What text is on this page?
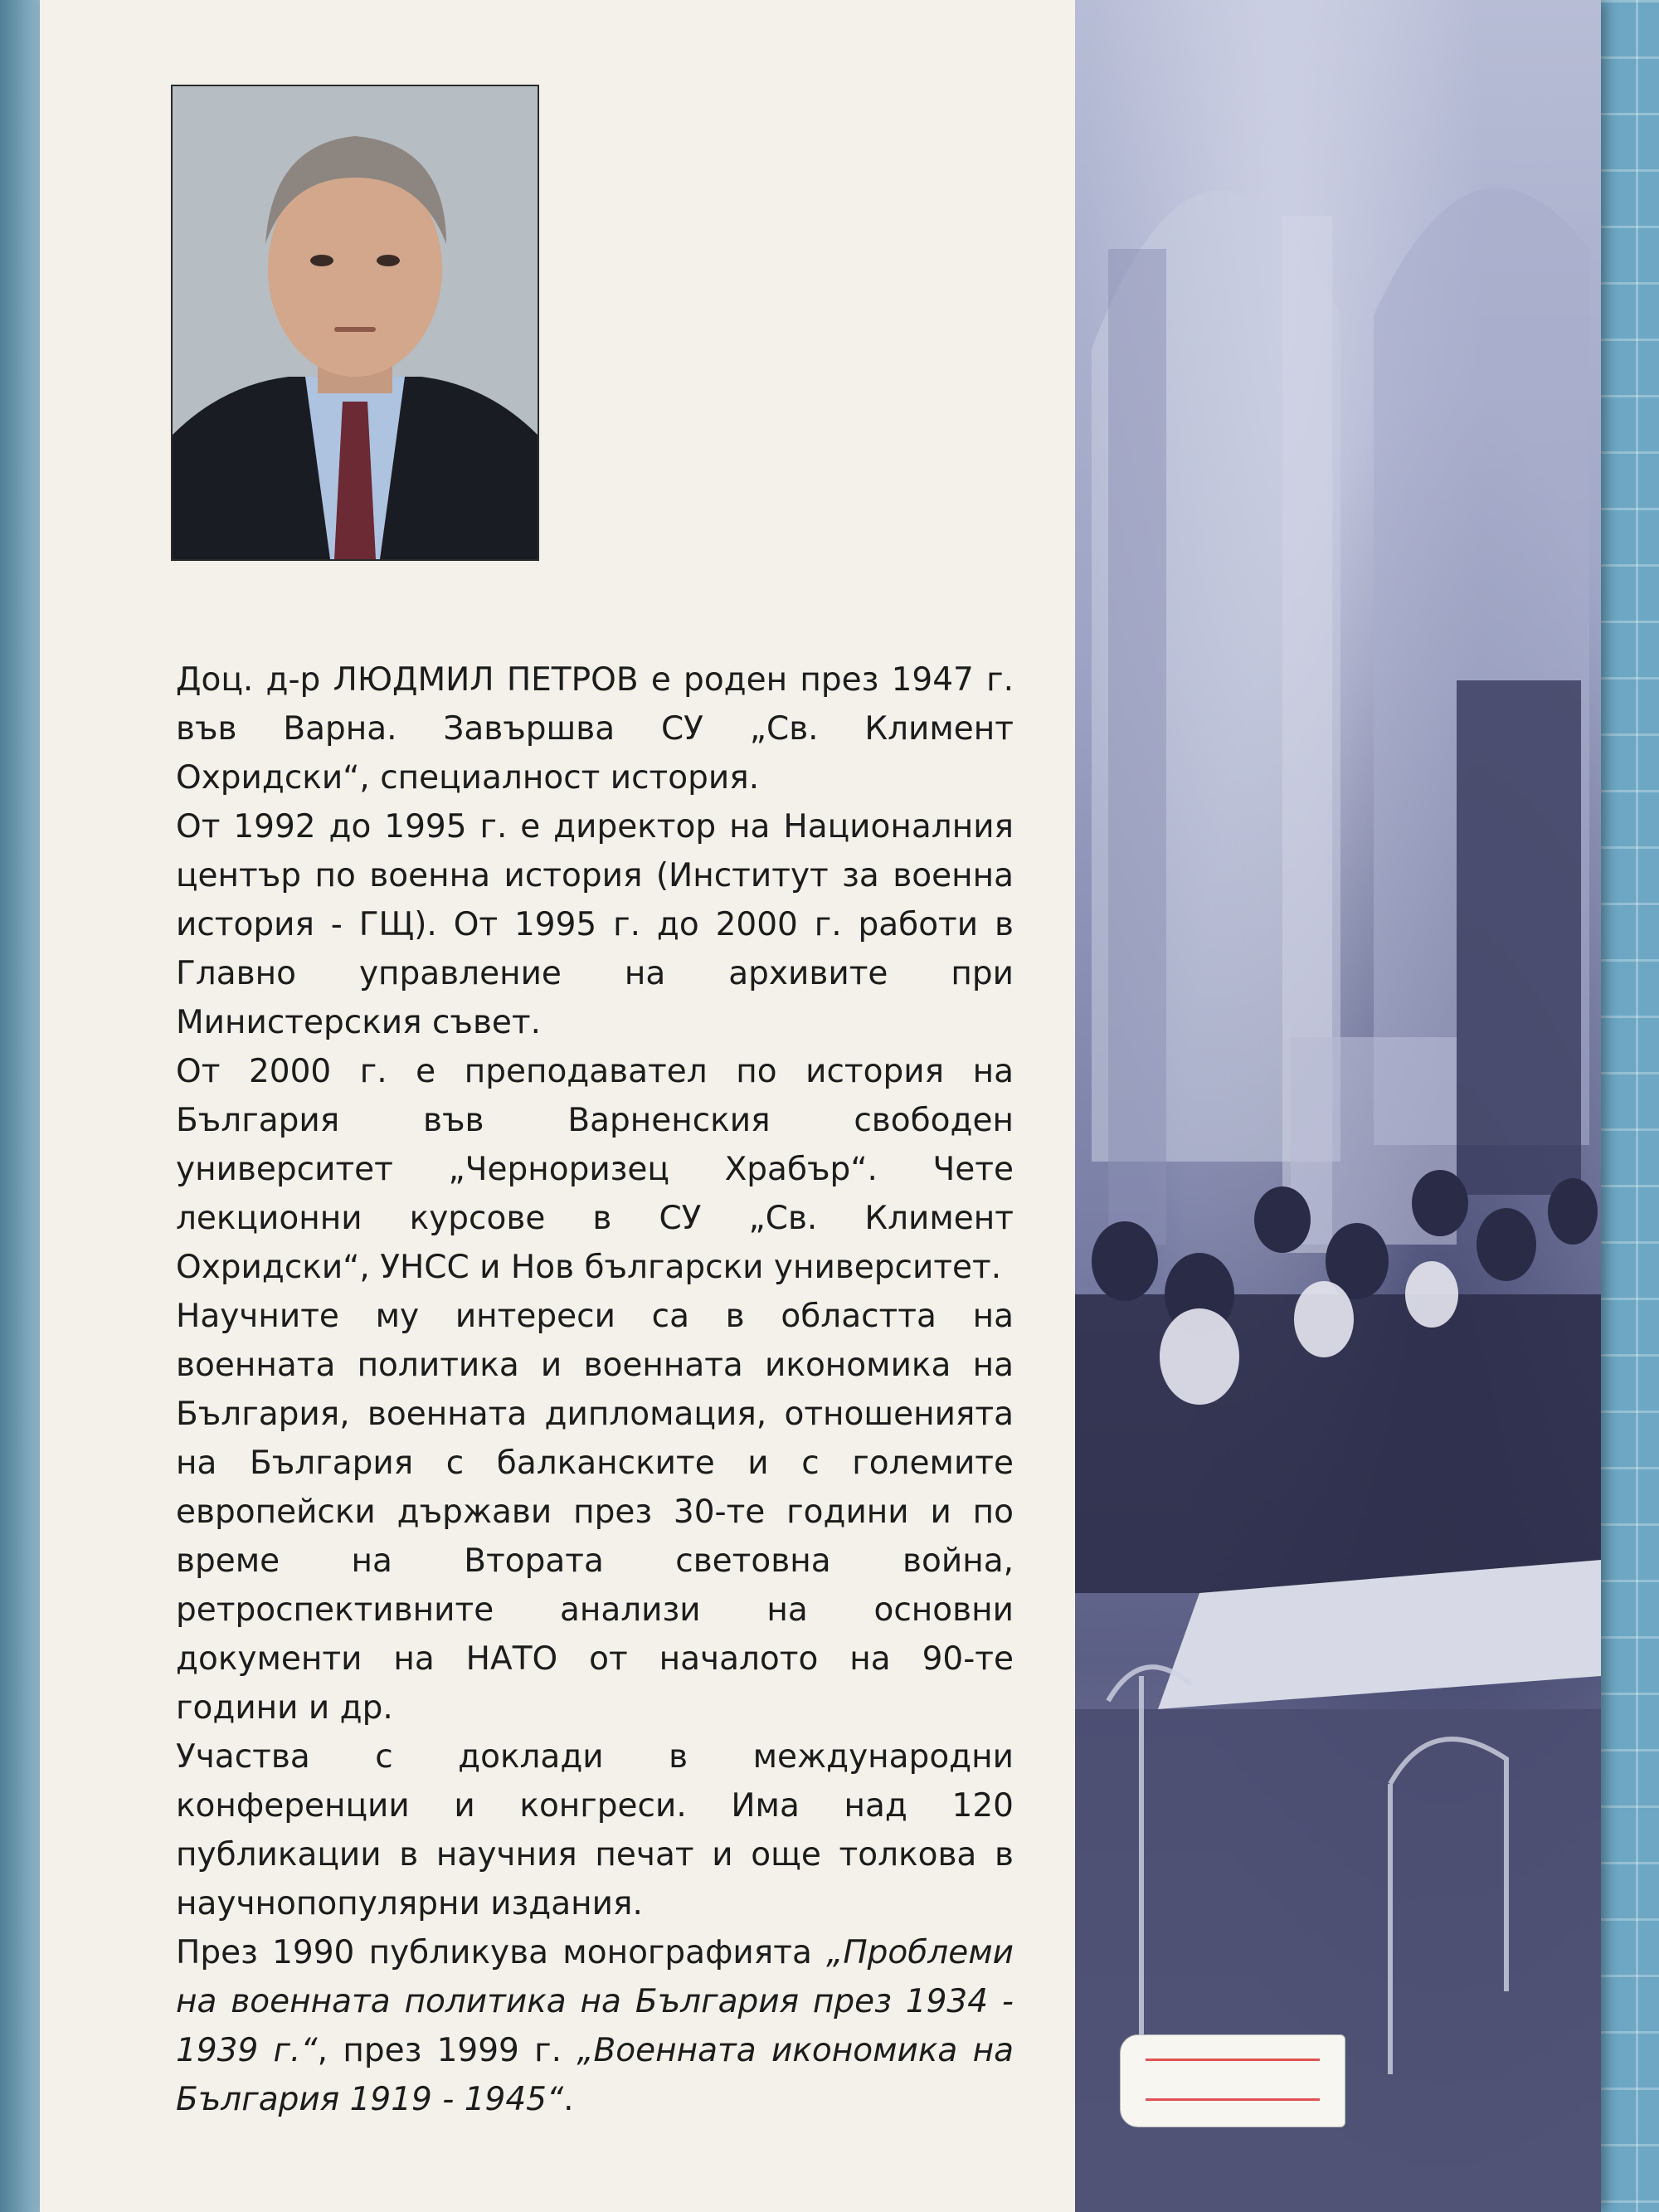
Доц. д-р ЛЮДМИЛ ПЕТРОВ е роден през 1947 г. във Варна. Завършва СУ „Св. Климент Охридски“, специалност история.

От 1992 до 1995 г. е директор на Националния център по военна история (Институт за военна история - ГЩ). От 1995 г. до 2000 г. работи в Главно управление на архивите при Министерския съвет.

От 2000 г. е преподавател по история на България във Варненския свободен университет „Черноризец Храбър“. Чете лекционни курсове в СУ „Св. Климент Охридски“, УНСС и Нов български университет.

Научните му интереси са в областта на военната политика и военната икономика на България, военната дипломация, отношенията на България с балканските и с големите европейски държави през 30-те години и по време на Втората световна война, ретроспективните анализи на основни документи на НАТО от началото на 90-те години и др.

Участва с доклади в международни конференции и конгреси. Има над 120 публикации в научния печат и още толкова в научнопопулярни издания.

През 1990 публикува монографията „Проблеми на военната политика на България през 1934 - 1939 г.“, през 1999 г. „Военната икономика на България 1919 - 1945“.
